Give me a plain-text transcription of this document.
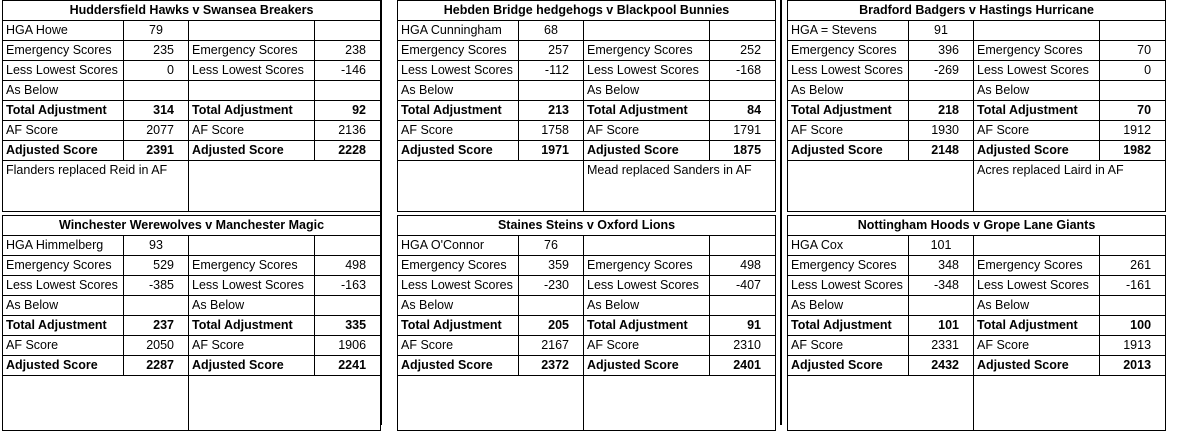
Huddersfield Hawks v Swansea Breakers			
HGA Howe	79		
Emergency Scores	235	Emergency Scores	238
Less Lowest Scores	0	Less Lowest Scores	-146
As Below			
Total Adjustment	314	Total Adjustment	92
AF Score	2077	AF Score	2136
Adjusted Score	2391	Adjusted Score	2228
Flanders replaced Reid in AF			
Hebden Bridge hedgehogs v Blackpool Bunnies			
HGA Cunningham	68		
Emergency Scores	257	Emergency Scores	252
Less Lowest Scores	-112	Less Lowest Scores	-168
As Below		As Below	
Total Adjustment	213	Total Adjustment	84
AF Score	1758	AF Score	1791
Adjusted Score	1971	Adjusted Score	1875
		Mead replaced Sanders in AF	
Bradford Badgers v Hastings Hurricane			
HGA = Stevens	91		
Emergency Scores	396	Emergency Scores	70
Less Lowest Scores	-269	Less Lowest Scores	0
As Below		As Below	
Total Adjustment	218	Total Adjustment	70
AF Score	1930	AF Score	1912
Adjusted Score	2148	Adjusted Score	1982
		Acres replaced Laird in AF	
Winchester Werewolves v Manchester Magic			
HGA Himmelberg	93		
Emergency Scores	529	Emergency Scores	498
Less Lowest Scores	-385	Less Lowest Scores	-163
As Below		As Below	
Total Adjustment	237	Total Adjustment	335
AF Score	2050	AF Score	1906
Adjusted Score	2287	Adjusted Score	2241

Staines Steins v Oxford Lions			
HGA O'Connor	76		
Emergency Scores	359	Emergency Scores	498
Less Lowest Scores	-230	Less Lowest Scores	-407
As Below		As Below	
Total Adjustment	205	Total Adjustment	91
AF Score	2167	AF Score	2310
Adjusted Score	2372	Adjusted Score	2401

Nottingham Hoods v Grope Lane Giants			
HGA Cox	101		
Emergency Scores	348	Emergency Scores	261
Less Lowest Scores	-348	Less Lowest Scores	-161
As Below		As Below	
Total Adjustment	101	Total Adjustment	100
AF Score	2331	AF Score	1913
Adjusted Score	2432	Adjusted Score	2013
